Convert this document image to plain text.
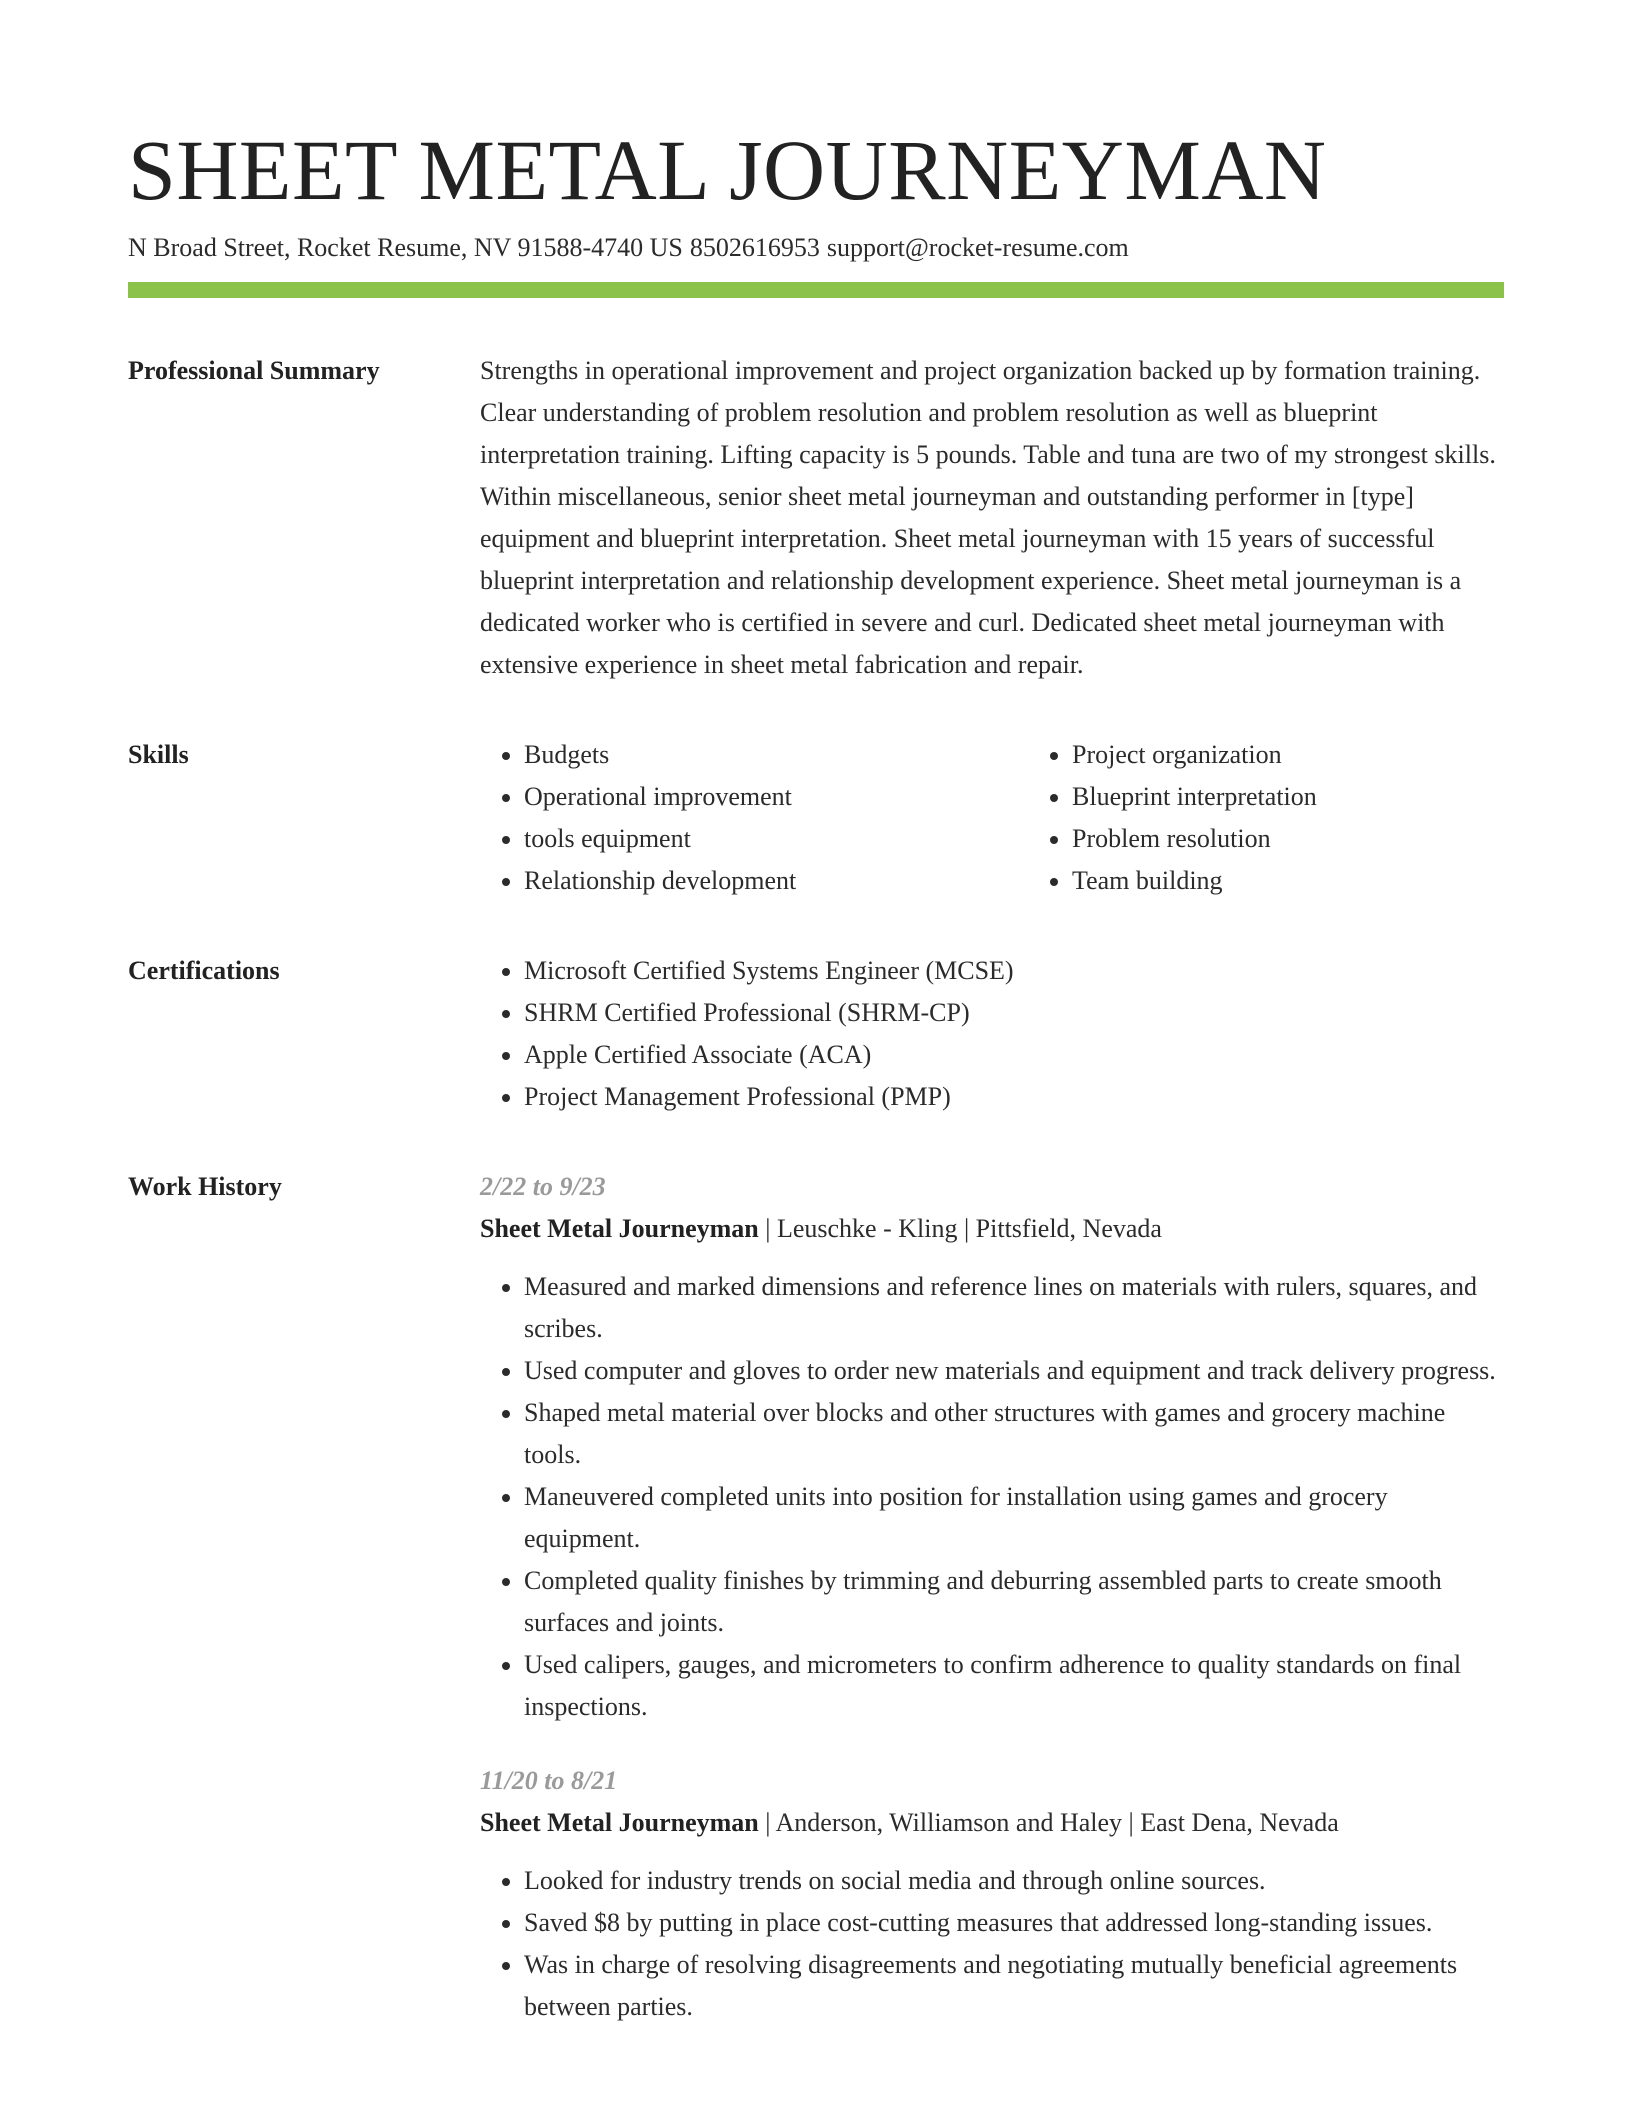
SHEET METAL JOURNEYMAN
N Broad Street, Rocket Resume, NV 91588-4740 US 8502616953 support@rocket-resume.com
Professional Summary	Strengths in operational improvement and project organization backed up by formation training. Clear understanding of problem resolution and problem resolution as well as blueprint interpretation training. Lifting capacity is 5 pounds. Table and tuna are two of my strongest skills. Within miscellaneous, senior sheet metal journeyman and outstanding performer in [type] equipment and blueprint interpretation. Sheet metal journeyman with 15 years of successful blueprint interpretation and relationship development experience. Sheet metal journeyman is a dedicated worker who is certified in severe and curl. Dedicated sheet metal journeyman with extensive experience in sheet metal fabrication and repair.

Skills	• Budgets
• Operational improvement
• tools equipment
• Relationship development
• Project organization
• Blueprint interpretation
• Problem resolution
• Team building
Certifications	• Microsoft Certified Systems Engineer (MCSE)
• SHRM Certified Professional (SHRM-CP)
• Apple Certified Associate (ACA)
• Project Management Professional (PMP)
Work History	2/22 to 9/23
Sheet Metal Journeyman | Leuschke - Kling | Pittsfield, Nevada
• Measured and marked dimensions and reference lines on materials with rulers, squares, and scribes.
• Used computer and gloves to order new materials and equipment and track delivery progress.
• Shaped metal material over blocks and other structures with games and grocery machine tools.
• Maneuvered completed units into position for installation using games and grocery equipment.
• Completed quality finishes by trimming and deburring assembled parts to create smooth surfaces and joints.
• Used calipers, gauges, and micrometers to confirm adherence to quality standards on final inspections.
11/20 to 8/21
Sheet Metal Journeyman | Anderson, Williamson and Haley | East Dena, Nevada
• Looked for industry trends on social media and through online sources.
• Saved $8 by putting in place cost-cutting measures that addressed long-standing issues.
• Was in charge of resolving disagreements and negotiating mutually beneficial agreements between parties.
